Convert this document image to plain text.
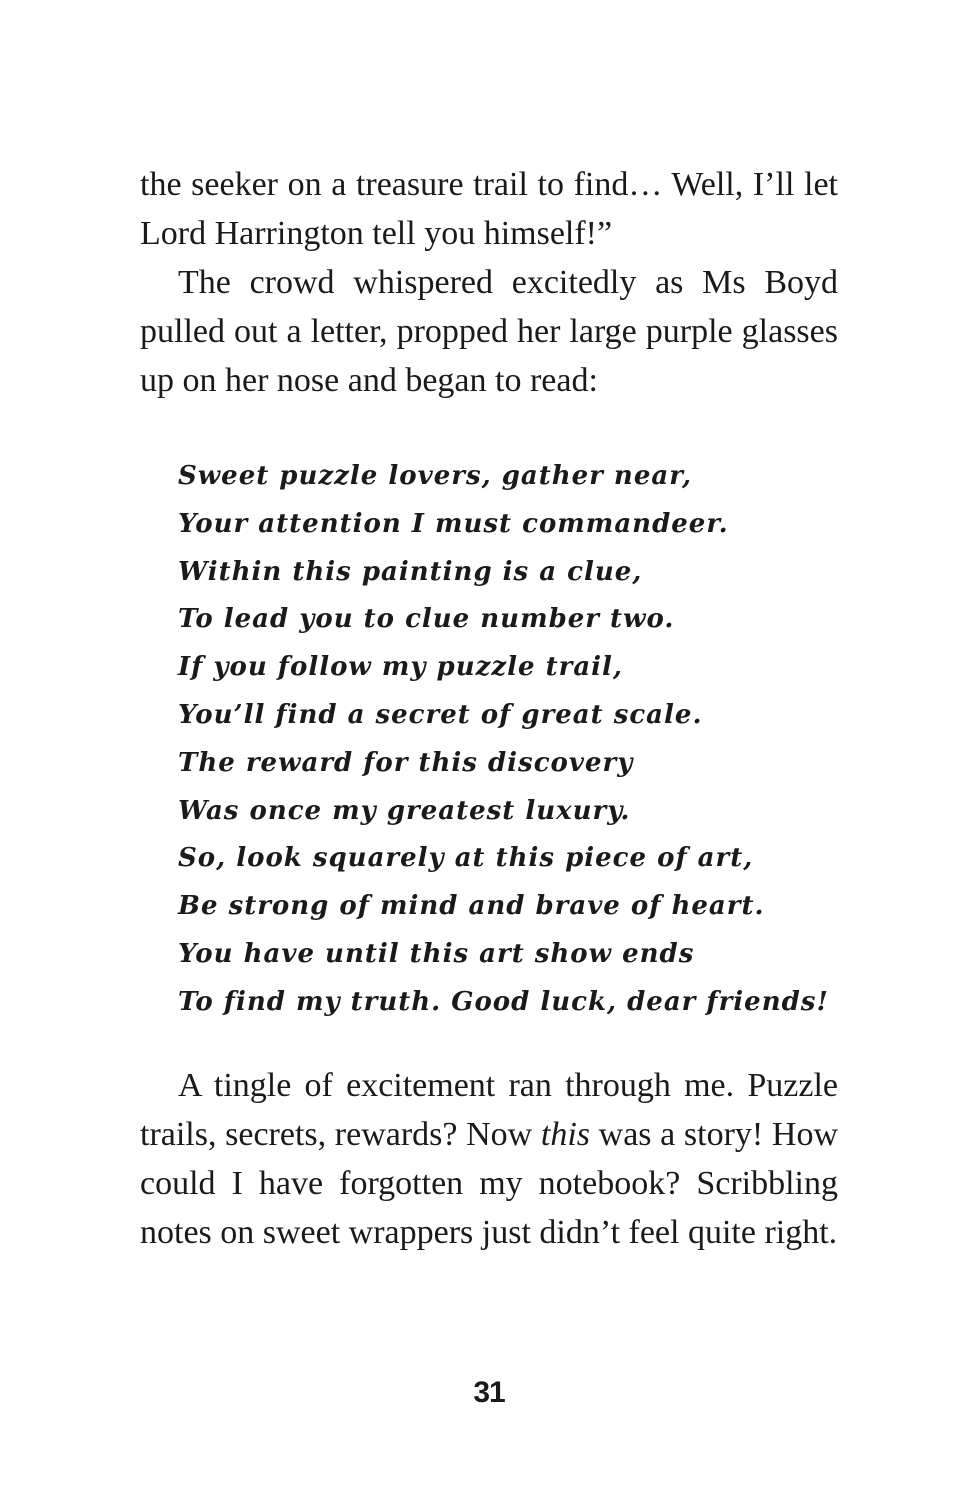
the seeker on a treasure trail to find… Well, I’ll let Lord Harrington tell you himself!”

The crowd whispered excitedly as Ms Boyd pulled out a letter, propped her large purple glasses up on her nose and began to read:

Sweet puzzle lovers, gather near,
Your attention I must commandeer.
Within this painting is a clue,
To lead you to clue number two.
If you follow my puzzle trail,
You’ll find a secret of great scale.
The reward for this discovery
Was once my greatest luxury.
So, look squarely at this piece of art,
Be strong of mind and brave of heart.
You have until this art show ends
To find my truth. Good luck, dear friends!

A tingle of excitement ran through me. Puzzle trails, secrets, rewards? Now this was a story! How could I have forgotten my notebook? Scribbling notes on sweet wrappers just didn’t feel quite right.

31
